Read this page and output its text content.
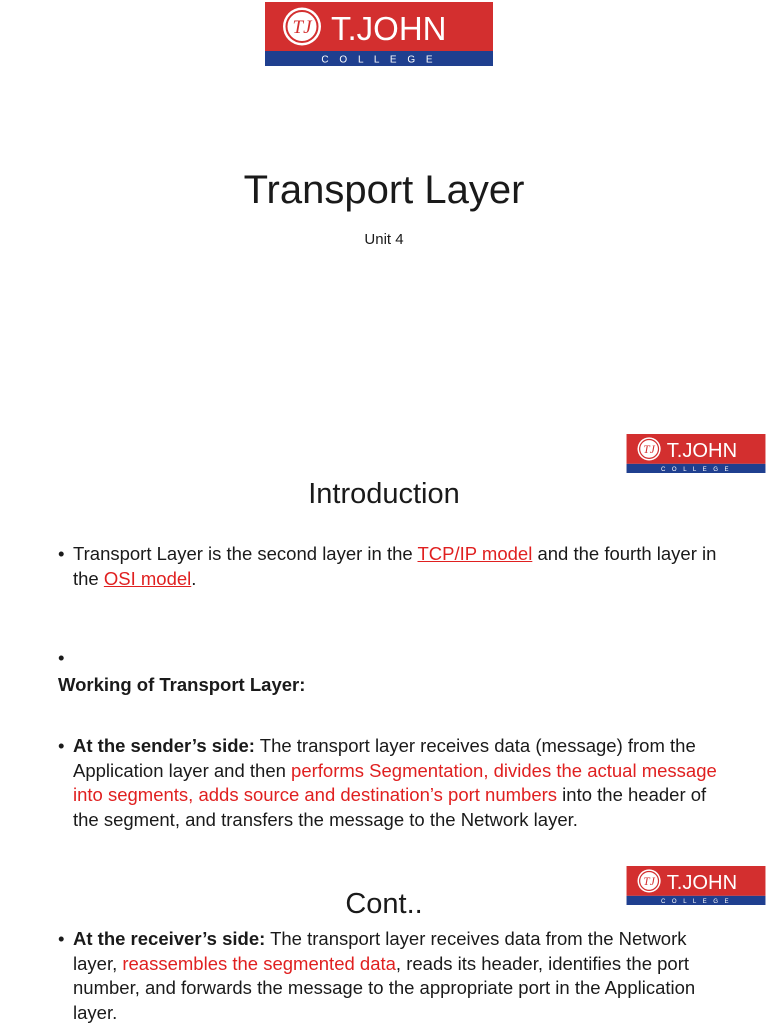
TJ T.JOHN
C O L L E G E
Transport Layer

Unit 4

TJ T.JOHN
C O L L E G E
Introduction

• Transport Layer is the second layer in the TCP/IP model and the fourth layer in the OSI model.

Working of Transport Layer:

• At the sender’s side: The transport layer receives data (message) from the Application layer and then performs Segmentation, divides the actual message into segments, adds source and destination’s port numbers into the header of the segment, and transfers the message to the Network layer.

TJ T.JOHN
C O L L E G E
Cont..

• At the receiver’s side: The transport layer receives data from the Network layer, reassembles the segmented data, reads its header, identifies the port number, and forwards the message to the appropriate port in the Application layer.
